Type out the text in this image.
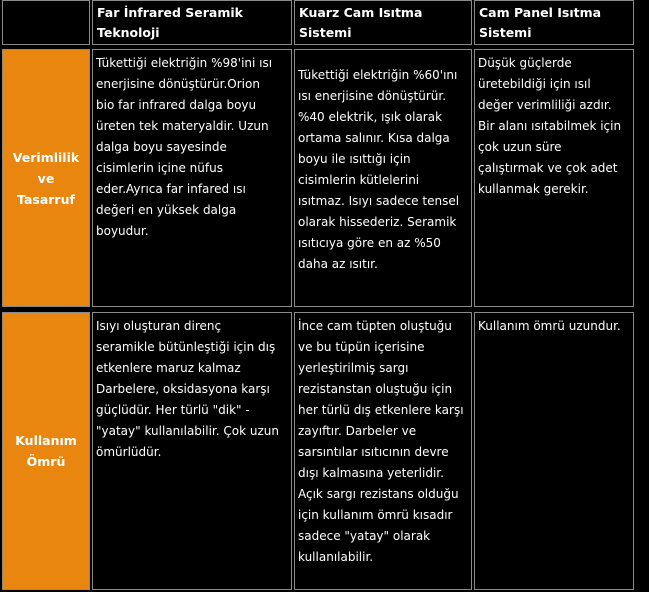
Far İnfrared Seramik
Teknoloji
Kuarz Cam Isıtma
Sistemi
Cam Panel Isıtma
Sistemi
Verimlilik
ve Tasarruf
Tükettiği elektriğin %98'ini ısı
enerjisine dönüştürür.Orion
bio far infrared dalga boyu
üreten tek materyaldir. Uzun
dalga boyu sayesinde
cisimlerin içine nüfus
eder.Ayrıca far infared ısı
değeri en yüksek dalga
boyudur.
Tükettiği elektriğin %60'ını
ısı enerjisine dönüştürür.
%40 elektrik, ışık olarak
ortama salınır. Kısa dalga
boyu ile ısıttığı için
cisimlerin kütlelerini
ısıtmaz. Isıyı sadece tensel
olarak hissederiz. Seramik
ısıtıcıya göre en az %50
daha az ısıtır.
Düşük güçlerde
üretebildiği için ısıl
değer verimliliği azdır.
Bir alanı ısıtabilmek için
çok uzun süre
çalıştırmak ve çok adet
kullanmak gerekir.
Kullanım
Ömrü
Isıyı oluşturan direnç
seramikle bütünleştiği için dış
etkenlere maruz kalmaz
Darbelere, oksidasyona karşı
güçlüdür. Her türlü "dik" -
"yatay" kullanılabilir. Çok uzun
ömürlüdür.
İnce cam tüpten oluştuğu
ve bu tüpün içerisine
yerleştirilmiş sargı
rezistanstan oluştuğu için
her türlü dış etkenlere karşı
zayıftır. Darbeler ve
sarsıntılar ısıtıcının devre
dışı kalmasına yeterlidir.
Açık sargı rezistans olduğu
için kullanım ömrü kısadır
sadece "yatay" olarak
kullanılabilir.
Kullanım ömrü uzundur.
